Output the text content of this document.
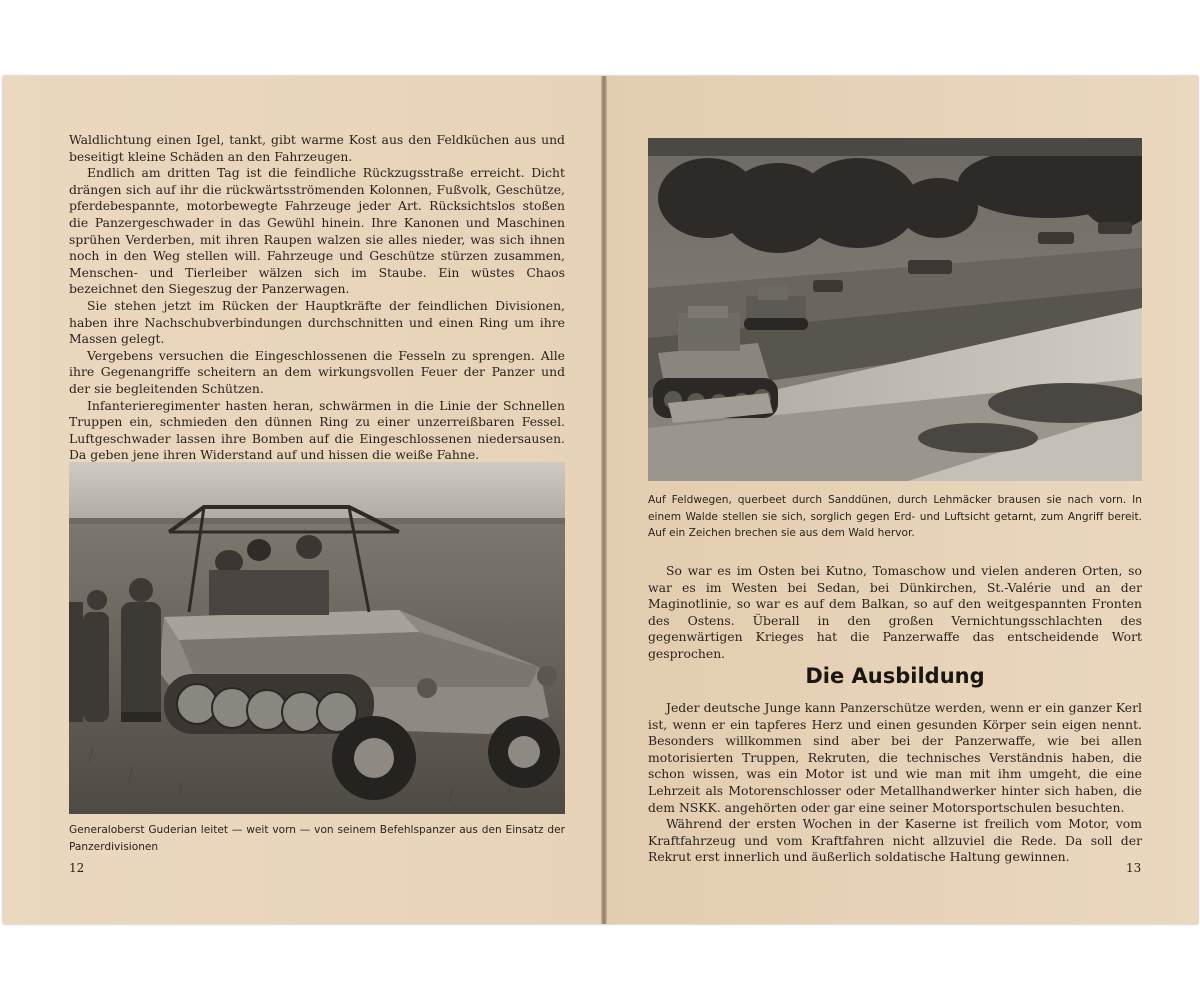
Waldlichtung einen Igel, tankt, gibt warme Kost aus den Feldküchen aus und beseitigt kleine Schäden an den Fahrzeugen.

Endlich am dritten Tag ist die feindliche Rückzugsstraße erreicht. Dicht drängen sich auf ihr die rückwärtsströmenden Kolonnen, Fußvolk, Geschütze, pferdebespannte, motorbewegte Fahrzeuge jeder Art. Rücksichtslos stoßen die Panzergeschwader in das Gewühl hinein. Ihre Kanonen und Maschinen sprühen Verderben, mit ihren Raupen walzen sie alles nieder, was sich ihnen noch in den Weg stellen will. Fahrzeuge und Geschütze stürzen zusammen, Menschen- und Tierleiber wälzen sich im Staube. Ein wüstes Chaos bezeichnet den Siegeszug der Panzerwagen.

Sie stehen jetzt im Rücken der Hauptkräfte der feindlichen Divisionen, haben ihre Nachschubverbindungen durchschnitten und einen Ring um ihre Massen gelegt.

Vergebens versuchen die Eingeschlossenen die Fesseln zu sprengen. Alle ihre Gegenangriffe scheitern an dem wirkungsvollen Feuer der Panzer und der sie begleitenden Schützen.

Infanterieregimenter hasten heran, schwärmen in die Linie der Schnellen Truppen ein, schmieden den dünnen Ring zu einer unzerreißbaren Fessel. Luftgeschwader lassen ihre Bomben auf die Eingeschlossenen niedersausen. Da geben jene ihren Widerstand auf und hissen die weiße Fahne.

Generaloberst Guderian leitet — weit vorn — von seinem Befehlspanzer aus den Einsatz der Panzerdivisionen
12
Auf Feldwegen, querbeet durch Sanddünen, durch Lehmäcker brausen sie nach vorn. In einem Walde stellen sie sich, sorglich gegen Erd- und Luftsicht getarnt, zum Angriff bereit. Auf ein Zeichen brechen sie aus dem Wald hervor.

So war es im Osten bei Kutno, Tomaschow und vielen anderen Orten, so war es im Westen bei Sedan, bei Dünkirchen, St.-Valérie und an der Maginotlinie, so war es auf dem Balkan, so auf den weitgespannten Fronten des Ostens. Überall in den großen Vernichtungsschlachten des gegenwärtigen Krieges hat die Panzerwaffe das entscheidende Wort gesprochen.

Die Ausbildung

Jeder deutsche Junge kann Panzerschütze werden, wenn er ein ganzer Kerl ist, wenn er ein tapferes Herz und einen gesunden Körper sein eigen nennt. Besonders willkommen sind aber bei der Panzerwaffe, wie bei allen motorisierten Truppen, Rekruten, die technisches Verständnis haben, die schon wissen, was ein Motor ist und wie man mit ihm umgeht, die eine Lehrzeit als Motorenschlosser oder Metallhandwerker hinter sich haben, die dem NSKK. angehörten oder gar eine seiner Motorsportschulen besuchten.

Während der ersten Wochen in der Kaserne ist freilich vom Motor, vom Kraftfahrzeug und vom Kraftfahren nicht allzuviel die Rede. Da soll der Rekrut erst innerlich und äußerlich soldatische Haltung gewinnen.

13
